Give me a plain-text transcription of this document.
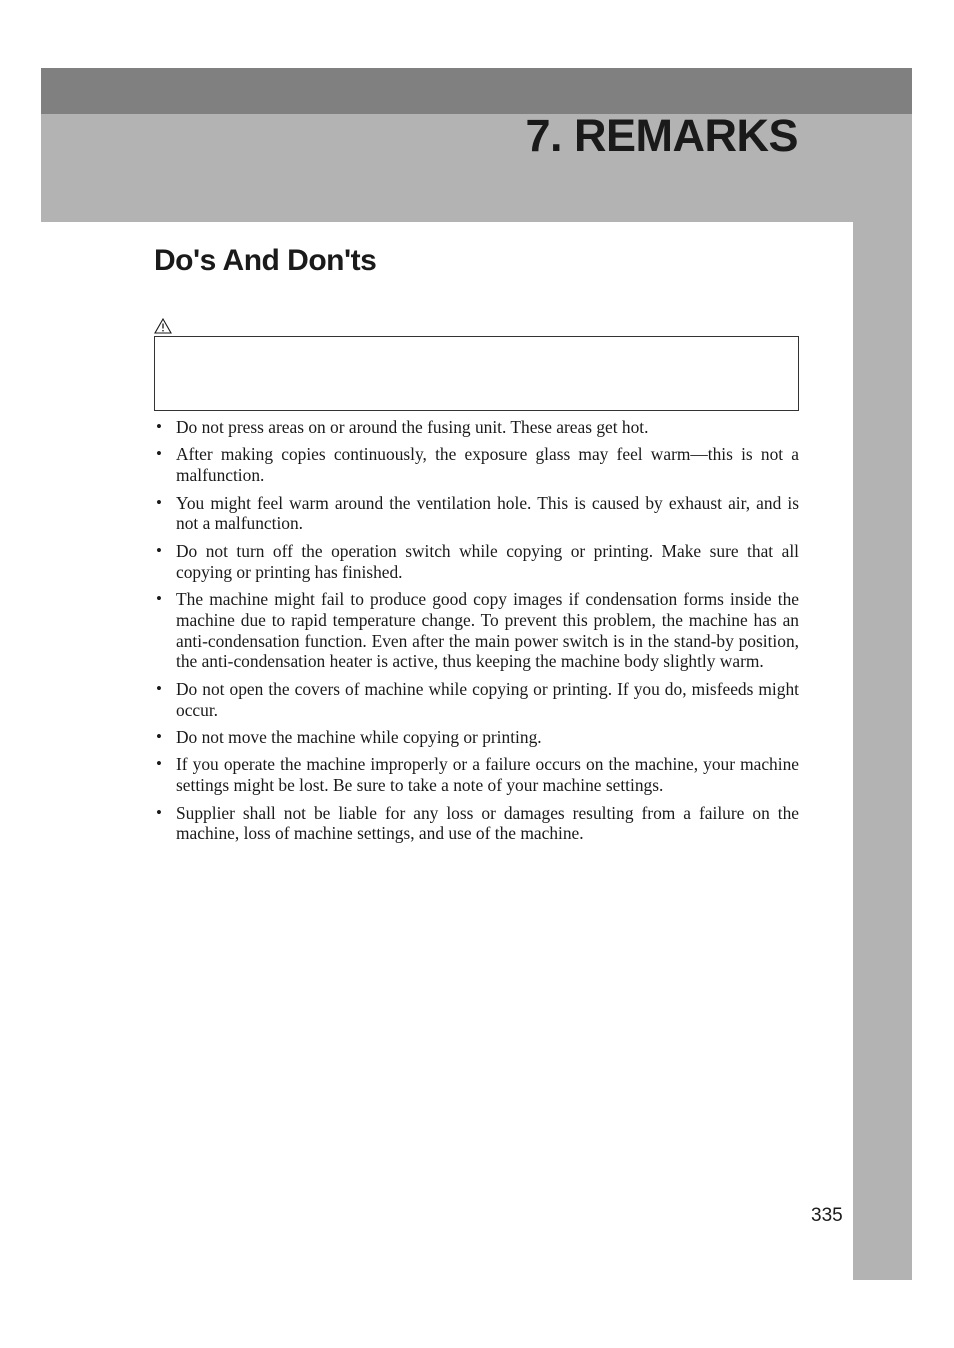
7. REMARKS
Do's And Don'ts
• Do not press areas on or around the fusing unit. These areas get hot.
• After making copies continuously, the exposure glass may feel warm—this is not a malfunction.
• You might feel warm around the ventilation hole. This is caused by exhaust air, and is not a malfunction.
• Do not turn off the operation switch while copying or printing. Make sure that all copying or printing has finished.
• The machine might fail to produce good copy images if condensation forms inside the machine due to rapid temperature change. To prevent this problem, the machine has an anti-condensation function. Even after the main power switch is in the stand-by position, the anti-condensation heater is active, thus keeping the machine body slightly warm.
• Do not open the covers of machine while copying or printing. If you do, misfeeds might occur.
• Do not move the machine while copying or printing.
• If you operate the machine improperly or a failure occurs on the machine, your machine settings might be lost. Be sure to take a note of your machine settings.
• Supplier shall not be liable for any loss or damages resulting from a failure on the machine, loss of machine settings, and use of the machine.
335
